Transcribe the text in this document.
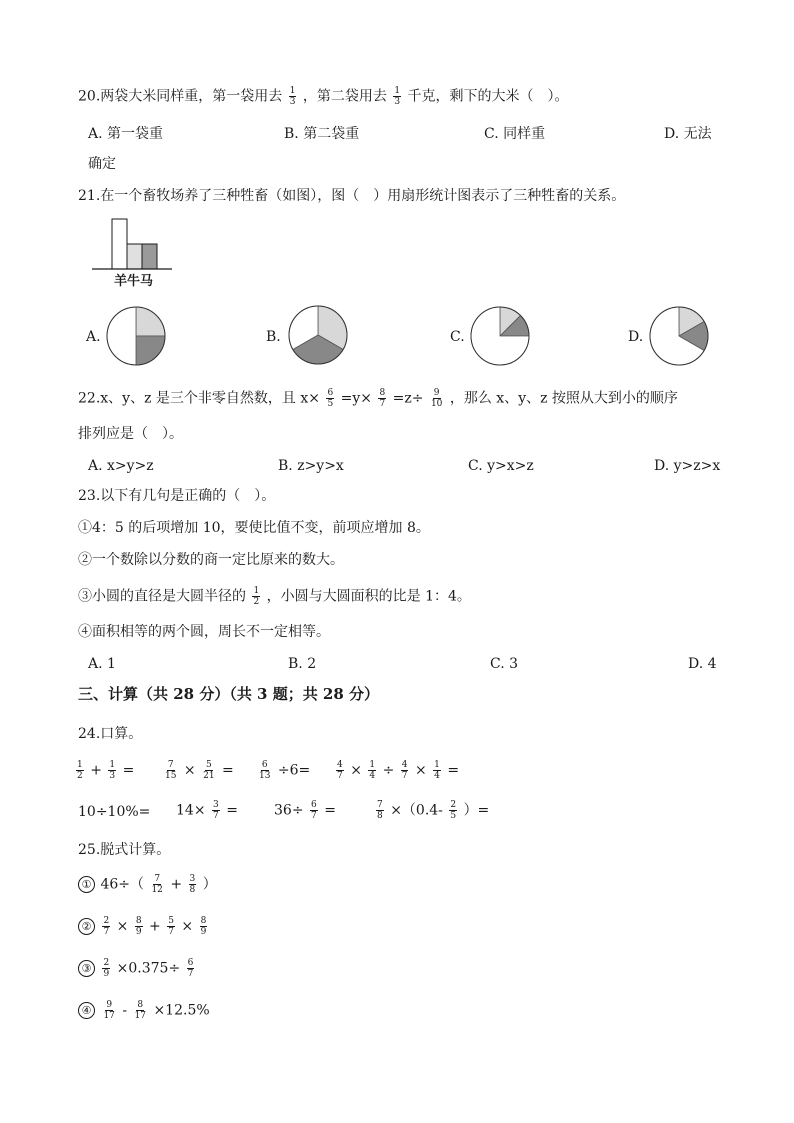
20.两袋大米同样重，第一袋用去 $\frac{1}{3}$ ，第二袋用去 $\frac{1}{3}$ 千克，剩下的大米（　）。
A. 第一袋重	B. 第二袋重	C. 同样重	D. 无法
确定
21.在一个畜牧场养了三种牲畜（如图），图（　）用扇形统计图表示了三种牲畜的关系。
羊牛马
A.	B.	C.	D.
22.x、y、z 是三个非零自然数，且 $x\times \frac{6}{5} =y\times \frac{8}{7} =z\div \frac{9}{10}$ ，那么 x、y、z 按照从大到小的顺序
排列应是（　）。
A. x>y>z	B. z>y>x	C. y>x>z	D. y>z>x
23.以下有几句是正确的（　）。
①4：5 的后项增加 10，要使比值不变，前项应增加 8。
②一个数除以分数的商一定比原来的数大。
③小圆的直径是大圆半径的 $\frac{1}{2}$ ，小圆与大圆面积的比是 1：4。
④面积相等的两个圆，周长不一定相等。
A. 1	B. 2	C. 3	D. 4
三、计算（共 28 分）（共 3 题；共 28 分）
24.口算。
$\frac{1}{2} + \frac{1}{3}$ =	$\frac{7}{15} \times \frac{5}{21}$ =	$\frac{6}{13} \div 6=$	$\frac{4}{7} \times \frac{1}{4} \div \frac{4}{7} \times \frac{1}{4}$ =
$10\div 10\%= 14\times \frac{3}{7}$ =	$36\div \frac{6}{7}$ =	$\frac{7}{8} \times(0.4- \frac{2}{5}$ ）=
25.脱式计算。
① $46\div( \frac{7}{12} + \frac{3}{8}$ ）
② $\frac{2}{7} \times \frac{8}{9} + \frac{5}{7} \times \frac{8}{9}$
③ $\frac{2}{9} \times 0.375\div \frac{6}{7}$
④ $\frac{9}{17} - \frac{8}{17} \times 12.5\%$
